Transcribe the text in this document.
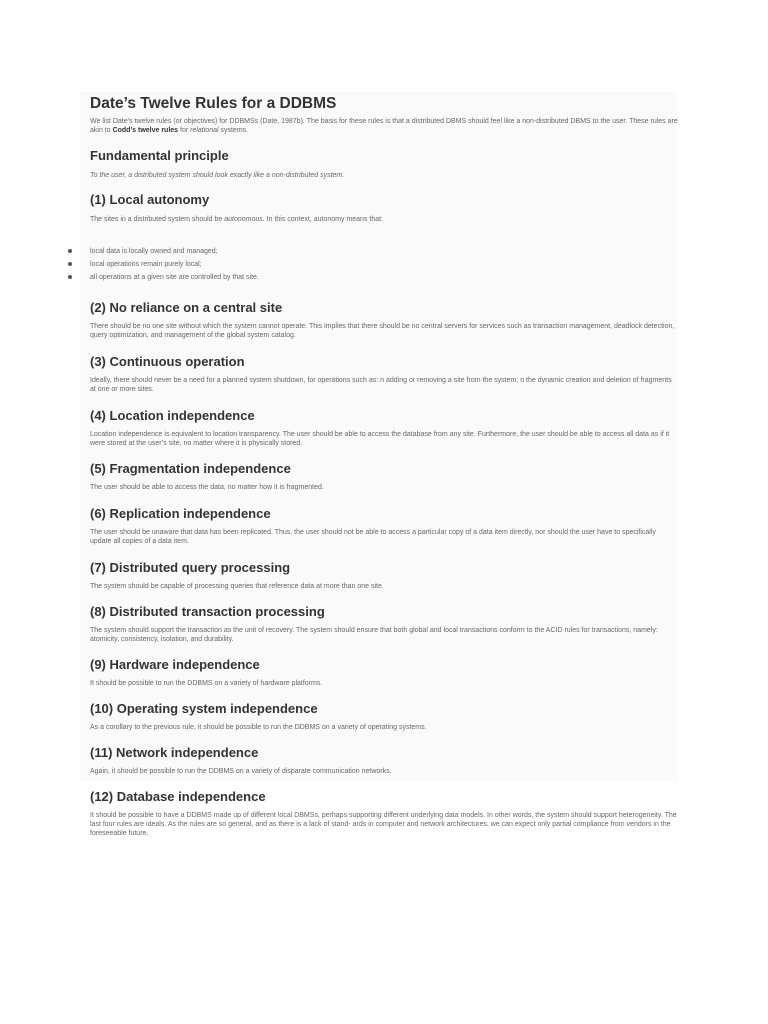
Date’s Twelve Rules for a DDBMS

We list Date’s twelve rules (or objectives) for DDBMSs (Date, 1987b). The basis for these rules is that a distributed DBMS should feel like a non-distributed DBMS to the user. These rules are akin to Codd’s twelve rules for relational systems.

Fundamental principle

To the user, a distributed system should look exactly like a non-distributed system.

(1) Local autonomy

The sites in a distributed system should be autonomous. In this context, autonomy means that:

local data is locally owned and managed;
local operations remain purely local;
all operations at a given site are controlled by that site.
(2) No reliance on a central site

There should be no one site without which the system cannot operate. This implies that there should be no central servers for services such as transaction management, deadlock detection, query optimization, and management of the global system catalog.

(3) Continuous operation

Ideally, there should never be a need for a planned system shutdown, for operations such as: n adding or removing a site from the system; n the dynamic creation and deletion of fragments at one or more sites.

(4) Location independence

Location independence is equivalent to location transparency. The user should be able to access the database from any site. Furthermore, the user should be able to access all data as if it were stored at the user’s site, no matter where it is physically stored.

(5) Fragmentation independence

The user should be able to access the data, no matter how it is fragmented.

(6) Replication independence

The user should be unaware that data has been replicated. Thus, the user should not be able to access a particular copy of a data item directly, nor should the user have to specifically update all copies of a data item.

(7) Distributed query processing

The system should be capable of processing queries that reference data at more than one site.

(8) Distributed transaction processing

The system should support the transaction as the unit of recovery. The system should ensure that both global and local transactions conform to the ACID rules for transactions, namely: atomicity, consistency, isolation, and durability.

(9) Hardware independence

It should be possible to run the DDBMS on a variety of hardware platforms.

(10) Operating system independence

As a corollary to the previous rule, it should be possible to run the DDBMS on a variety of operating systems.

(11) Network independence

Again, it should be possible to run the DDBMS on a variety of disparate communication networks.

(12) Database independence

It should be possible to have a DDBMS made up of different local DBMSs, perhaps supporting different underlying data models. In other words, the system should support heterogeneity. The last four rules are ideals. As the rules are so general, and as there is a lack of stand- ards in computer and network architectures, we can expect only partial compliance from vendors in the foreseeable future.
